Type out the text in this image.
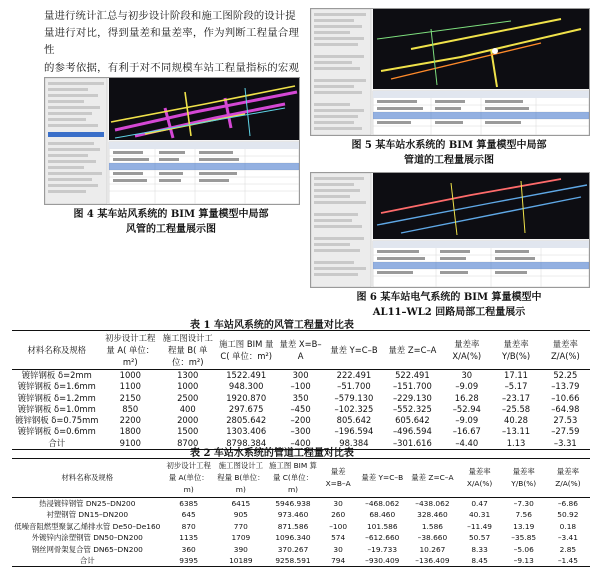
量进行统计汇总与初步设计阶段和施工图阶段的设计提
量进行对比，得到量差和量差率，作为判断工程量合理性
的参考依据，有利于对不同规模车站工程量指标的宏观
图 4 某车站风系统的 BIM 算量模型中局部
风管的工程量展示图
图 5 某车站水系统的 BIM 算量模型中局部
管道的工程量展示图
图 6 某车站电气系统的 BIM 算量模型中
AL11–WL2 回路局部工程量展示
表 1 车站风系统的风管工程量对比表
材料名称及规格	初步设计工程量 A( 单位：m²)	施工图设计工程量 B( 单位：m²)	施工图 BIM 量 C( 单位：m²)	量差 X=B–A	量差 Y=C–B	量差 Z=C–A	量差率 X/A(%)	量差率 Y/B(%)	量差率 Z/A(%)
镀锌钢板 δ=2mm	1000	1300	1522.491	300	222.491	522.491	30	17.11	52.25
镀锌钢板 δ=1.6mm	1100	1000	948.300	–100	–51.700	–151.700	–9.09	–5.17	–13.79
镀锌钢板 δ=1.2mm	2150	2500	1920.870	350	–579.130	–229.130	16.28	–23.17	–10.66
镀锌钢板 δ=1.0mm	850	400	297.675	–450	–102.325	–552.325	–52.94	–25.58	–64.98
镀锌钢板 δ=0.75mm	2200	2000	2805.642	–200	805.642	605.642	–9.09	40.28	27.53
镀锌钢板 δ=0.6mm	1800	1500	1303.406	–300	–196.594	–496.594	–16.67	–13.11	–27.59
合计	9100	8700	8798.384	–400	98.384	–301.616	–4.40	1.13	–3.31
表 2 车站水系统的管道工程量对比表
材料名称及规格	初步设计工程量 A(单位：m)	施工图设计工程量 B(单位：m)	施工图 BIM 算量 C(单位：m)	量差 X=B–A	量差 Y=C–B	量差 Z=C–A	量差率 X/A(%)	量差率 Y/B(%)	量差率 Z/A(%)
热浸镀锌钢管 DN25–DN200	6385	6415	5946.938	30	–468.062	–438.062	0.47	–7.30	–6.86
衬塑钢管 DN15–DN200	645	905	973.460	260	68.460	328.460	40.31	7.56	50.92
低噪音阻燃型聚氯乙烯排水管 De50–De160	870	770	871.586	–100	101.586	1.586	–11.49	13.19	0.18
外镀锌内涂塑钢管 DN50–DN200	1135	1709	1096.340	574	–612.660	–38.660	50.57	–35.85	–3.41
钢丝网骨架复合管 DN65–DN200	360	390	370.267	30	–19.733	10.267	8.33	–5.06	2.85
合计	9395	10189	9258.591	794	–930.409	–136.409	8.45	–9.13	–1.45
